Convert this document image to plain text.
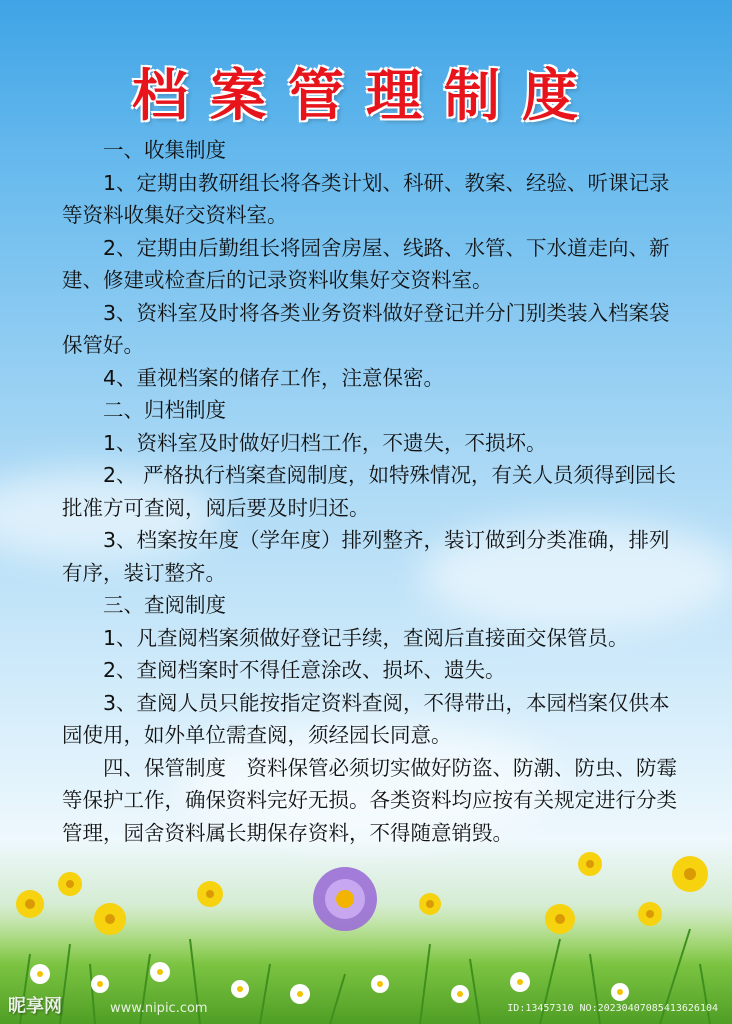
档案管理制度

一、收集制度

1、定期由教研组长将各类计划、科研、教案、经验、听课记录等资料收集好交资料室。

2、定期由后勤组长将园舍房屋、线路、水管、下水道走向、新建、修建或检查后的记录资料收集好交资料室。

3、资料室及时将各类业务资料做好登记并分门别类装入档案袋保管好。

4、重视档案的储存工作，注意保密。

二、归档制度

1、资料室及时做好归档工作，不遗失，不损坏。

2、 严格执行档案查阅制度，如特殊情况，有关人员须得到园长批准方可查阅，阅后要及时归还。

3、档案按年度（学年度）排列整齐，装订做到分类准确，排列有序，装订整齐。

三、查阅制度

1、凡查阅档案须做好登记手续，查阅后直接面交保管员。

2、查阅档案时不得任意涂改、损坏、遗失。

3、查阅人员只能按指定资料查阅，不得带出，本园档案仅供本园使用，如外单位需查阅，须经园长同意。

四、保管制度　资料保管必须切实做好防盗、防潮、防虫、防霉等保护工作，确保资料完好无损。各类资料均应按有关规定进行分类管理，园舍资料属长期保存资料，不得随意销毁。

昵享网	www.nipic.com	ID:13457310 NO:20230407085413626104
